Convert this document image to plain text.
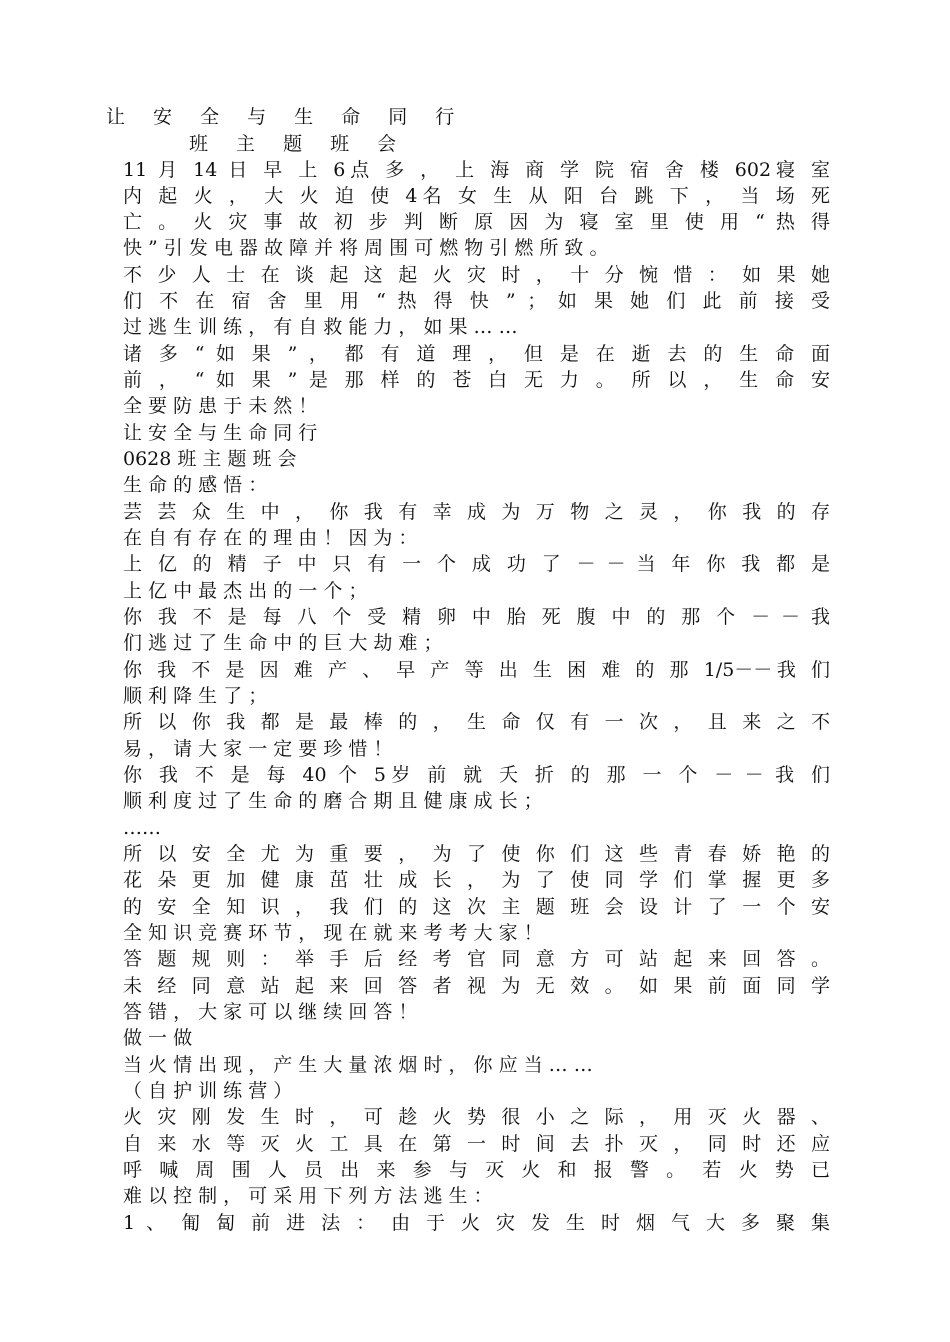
让 安 全 与 生 命 同 行
班 主 题 班 会
11 月 14 日 早 上 6点 多 ， 上 海 商 学 院 宿 舍 楼 602寝 室
内 起 火 ， 大 火 迫 使 4名 女 生 从 阳 台 跳 下 ， 当 场 死
亡 。 火 灾 事 故 初 步 判 断 原 因 为 寝 室 里 使 用 “ 热 得
快 ” 引 发 电 器 故 障 并 将 周 围 可 燃 物 引 燃 所 致 。
不 少 人 士 在 谈 起 这 起 火 灾 时 ， 十 分 惋 惜 ： 如 果 她
们 不 在 宿 舍 里 用 “ 热 得 快 ” ； 如 果 她 们 此 前 接 受
过 逃 生 训 练 ， 有 自 救 能 力 ， 如 果 … …
诸 多 “ 如 果 ” ， 都 有 道 理 ， 但 是 在 逝 去 的 生 命 面
前 ， “ 如 果 ” 是 那 样 的 苍 白 无 力 。 所 以 ， 生 命 安
全 要 防 患 于 未 然 ！
让 安 全 与 生 命 同 行
0628 班 主 题 班 会
生 命 的 感 悟 ：
芸 芸 众 生 中 ， 你 我 有 幸 成 为 万 物 之 灵 ， 你 我 的 存
在 自 有 存 在 的 理 由 ！ 因 为 ：
上 亿 的 精 子 中 只 有 一 个 成 功 了 － － 当 年 你 我 都 是
上 亿 中 最 杰 出 的 一 个 ；
你 我 不 是 每 八 个 受 精 卵 中 胎 死 腹 中 的 那 个 － － 我
们 逃 过 了 生 命 中 的 巨 大 劫 难 ；
你 我 不 是 因 难 产 、 早 产 等 出 生 困 难 的 那 1/5－－我 们
顺 利 降 生 了 ；
所 以 你 我 都 是 最 棒 的 ， 生 命 仅 有 一 次 ， 且 来 之 不
易 ， 请 大 家 一 定 要 珍 惜 ！
你 我 不 是 每 40 个 5岁 前 就 夭 折 的 那 一 个 － － 我 们
顺 利 度 过 了 生 命 的 磨 合 期 且 健 康 成 长 ；
……
所 以 安 全 尤 为 重 要 ， 为 了 使 你 们 这 些 青 春 娇 艳 的
花 朵 更 加 健 康 茁 壮 成 长 ， 为 了 使 同 学 们 掌 握 更 多
的 安 全 知 识 ， 我 们 的 这 次 主 题 班 会 设 计 了 一 个 安
全 知 识 竞 赛 环 节 ， 现 在 就 来 考 考 大 家 ！
答 题 规 则 ： 举 手 后 经 考 官 同 意 方 可 站 起 来 回 答 。
未 经 同 意 站 起 来 回 答 者 视 为 无 效 。 如 果 前 面 同 学
答 错 ， 大 家 可 以 继 续 回 答 ！
做 一 做
当 火 情 出 现 ， 产 生 大 量 浓 烟 时 ， 你 应 当 … …
（ 自 护 训 练 营 ）
火 灾 刚 发 生 时 ， 可 趁 火 势 很 小 之 际 ， 用 灭 火 器 、
自 来 水 等 灭 火 工 具 在 第 一 时 间 去 扑 灭 ， 同 时 还 应
呼 喊 周 围 人 员 出 来 参 与 灭 火 和 报 警 。 若 火 势 已
难 以 控 制 ， 可 采 用 下 列 方 法 逃 生 ：
1 、 匍 匐 前 进 法 ： 由 于 火 灾 发 生 时 烟 气 大 多 聚 集
